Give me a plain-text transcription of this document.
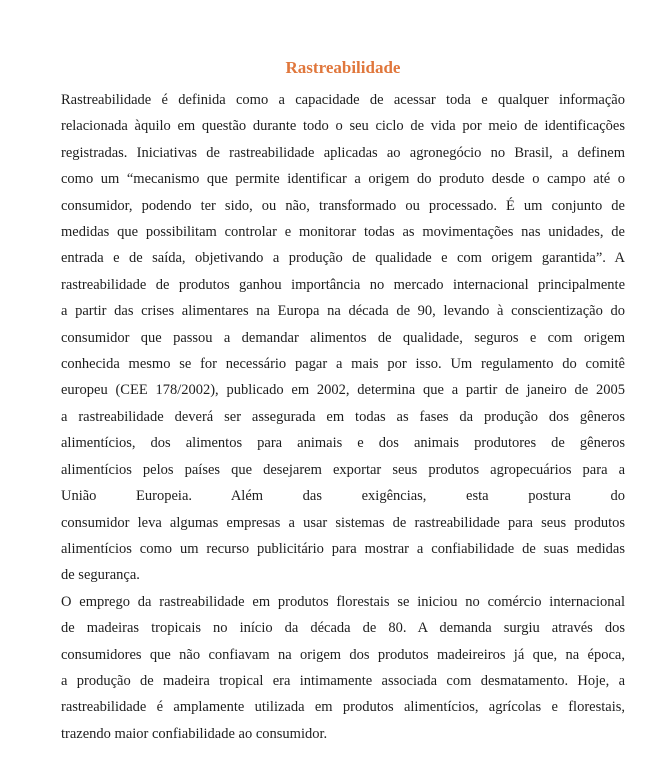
Rastreabilidade
Rastreabilidade é definida como a capacidade de acessar toda e qualquer informação
relacionada àquilo em questão durante todo o seu ciclo de vida por meio de identificações
registradas. Iniciativas de rastreabilidade aplicadas ao agronegócio no Brasil, a definem
como um “mecanismo que permite identificar a origem do produto desde o campo até o
consumidor, podendo ter sido, ou não, transformado ou processado. É um conjunto de
medidas que possibilitam controlar e monitorar todas as movimentações nas unidades, de
entrada e de saída, objetivando a produção de qualidade e com origem garantida”. A
rastreabilidade de produtos ganhou importância no mercado internacional principalmente
a partir das crises alimentares na Europa na década de 90, levando à conscientização do
consumidor que passou a demandar alimentos de qualidade, seguros e com origem
conhecida mesmo se for necessário pagar a mais por isso. Um regulamento do comitê
europeu (CEE 178/2002), publicado em 2002, determina que a partir de janeiro de 2005
a rastreabilidade deverá ser assegurada em todas as fases da produção dos gêneros
alimentícios, dos alimentos para animais e dos animais produtores de gêneros
alimentícios pelos países que desejarem exportar seus produtos agropecuários para a
União Europeia. Além das exigências, esta postura do
consumidor leva algumas empresas a usar sistemas de rastreabilidade para seus produtos
alimentícios como um recurso publicitário para mostrar a confiabilidade de suas medidas
de segurança.
O emprego da rastreabilidade em produtos florestais se iniciou no comércio internacional
de madeiras tropicais no início da década de 80. A demanda surgiu através dos
consumidores que não confiavam na origem dos produtos madeireiros já que, na época,
a produção de madeira tropical era intimamente associada com desmatamento. Hoje, a
rastreabilidade é amplamente utilizada em produtos alimentícios, agrícolas e florestais,
trazendo maior confiabilidade ao consumidor.
